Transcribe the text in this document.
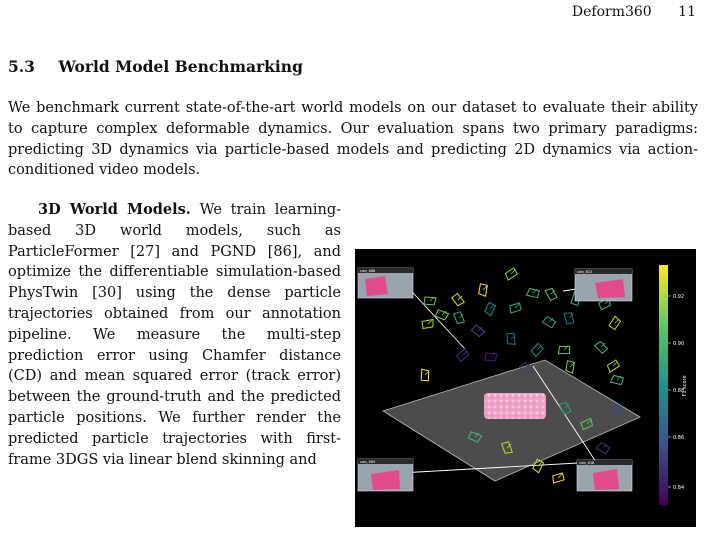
Deform360 11
5.3 World Model Benchmarking

We benchmark current state-of-the-art world models on our dataset to evaluate their ability to capture complex deformable dynamics. Our evaluation spans two primary paradigms: predicting 3D dynamics via particle-based models and predicting 2D dynamics via action-conditioned video models.

3D World Models. We train learning-based 3D world models, such as ParticleFormer [27] and PGND [86], and optimize the differentiable simulation-based PhysTwin [30] using the dense particle trajectories obtained from our annotation pipeline. We measure the multi-step prediction error using Chamfer distance (CD) and mean squared error (track error) between the ground-truth and the predicted particle positions. We further render the predicted particle trajectories with first-frame 3DGS via linear blend skinning and

cam_000	cam_022
cam_005	cam_018
0.92
0.90
0.88
0.86
0.84
F1 score
